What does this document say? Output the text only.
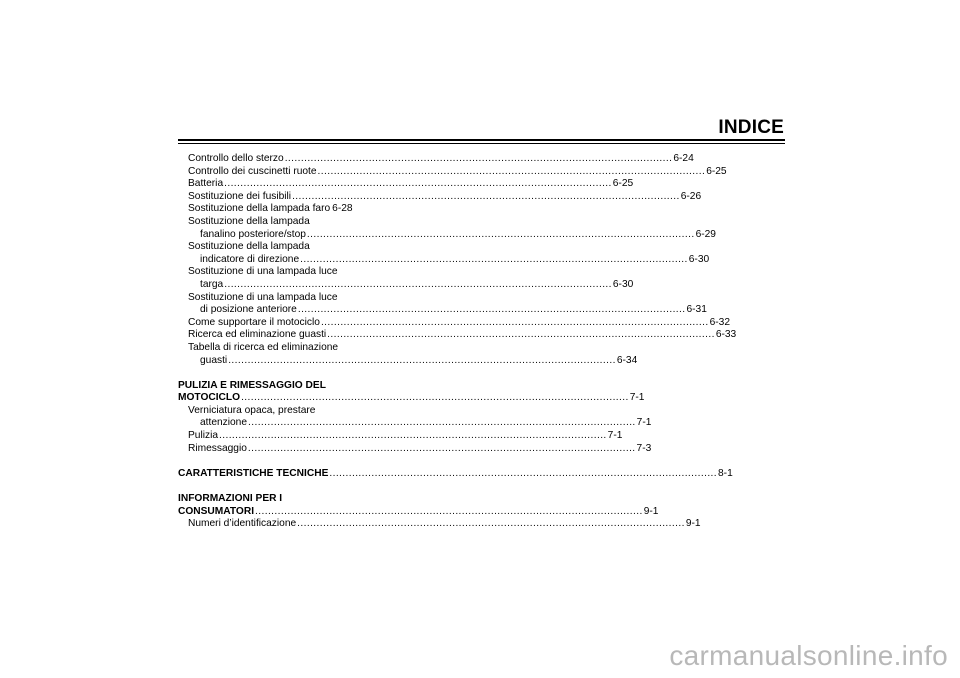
INDICE
Controllo dello sterzo ........................................................................................................................ 6-24
Controllo dei cuscinetti ruote ........................................................................................................................ 6-25
Batteria ........................................................................................................................ 6-25
Sostituzione dei fusibili ........................................................................................................................ 6-26
Sostituzione della lampada faro 6-28
Sostituzione della lampada
fanalino posteriore/stop ........................................................................................................................ 6-29
Sostituzione della lampada
indicatore di direzione ........................................................................................................................ 6-30
Sostituzione di una lampada luce
targa ........................................................................................................................ 6-30
Sostituzione di una lampada luce
di posizione anteriore ........................................................................................................................ 6-31
Come supportare il motociclo ........................................................................................................................ 6-32
Ricerca ed eliminazione guasti ........................................................................................................................ 6-33
Tabella di ricerca ed eliminazione
guasti ........................................................................................................................ 6-34
PULIZIA E RIMESSAGGIO DEL
MOTOCICLO ........................................................................................................................ 7-1
Verniciatura opaca, prestare
attenzione ........................................................................................................................ 7-1
Pulizia ........................................................................................................................ 7-1
Rimessaggio ........................................................................................................................ 7-3
CARATTERISTICHE TECNICHE ........................................................................................................................ 8-1
INFORMAZIONI PER I
CONSUMATORI ........................................................................................................................ 9-1
Numeri d’identificazione ........................................................................................................................ 9-1
carmanualsonline.info
